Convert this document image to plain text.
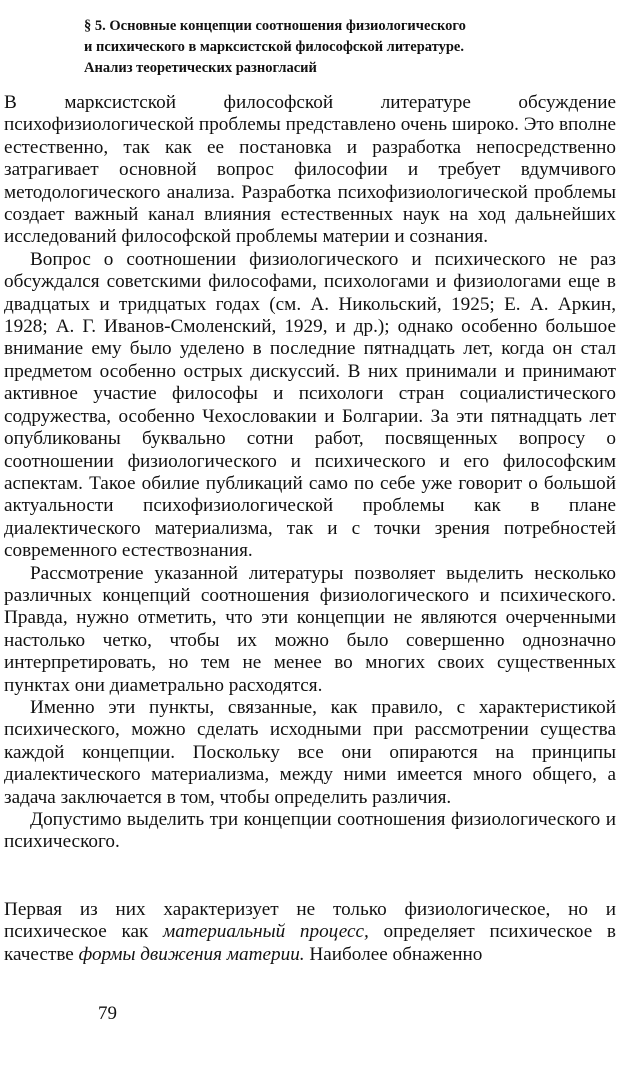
§ 5. Основные концепции соотношения физиологического
и психического в марксистской философской литературе.
Анализ теоретических разногласий

В марксистской философской литературе обсуждение психофизиологической проблемы представлено очень широко. Это вполне естественно, так как ее постановка и разработка непосредственно затрагивает основной вопрос философии и требует вдумчивого методологического анализа. Разработка психофизиологической проблемы создает важный канал влияния естественных наук на ход дальнейших исследований философской проблемы материи и сознания.

Вопрос о соотношении физиологического и психического не раз обсуждался советскими философами, психологами и физиологами еще в двадцатых и тридцатых годах (см. А. Никольский, 1925; Е. А. Аркин, 1928; А. Г. Иванов-Смоленский, 1929, и др.); однако особенно большое внимание ему было уделено в последние пятнадцать лет, когда он стал предметом особенно острых дискуссий. В них принимали и принимают активное участие философы и психологи стран социалистического содружества, особенно Чехословакии и Болгарии. За эти пятнадцать лет опубликованы буквально сотни работ, посвященных вопросу о соотношении физиологического и психического и его философским аспектам. Такое обилие публикаций само по себе уже говорит о большой актуальности психофизиологической проблемы как в плане диалектического материализма, так и с точки зрения потребностей современного естествознания.

Рассмотрение указанной литературы позволяет выделить несколько различных концепций соотношения физиологического и психического. Правда, нужно отметить, что эти концепции не являются очерченными настолько четко, чтобы их можно было совершенно однозначно интерпретировать, но тем не менее во многих своих существенных пунктах они диаметрально расходятся.

Именно эти пункты, связанные, как правило, с характеристикой психического, можно сделать исходными при рассмотрении существа каждой концепции. Поскольку все они опираются на принципы диалектического материализма, между ними имеется много общего, а задача заключается в том, чтобы определить различия.

Допустимо выделить три концепции соотношения физиологического и психического.

Первая из них характеризует не только физиологическое, но и психическое как материальный процесс, определяет психическое в качестве формы движения материи. Наиболее обнаженно

79
